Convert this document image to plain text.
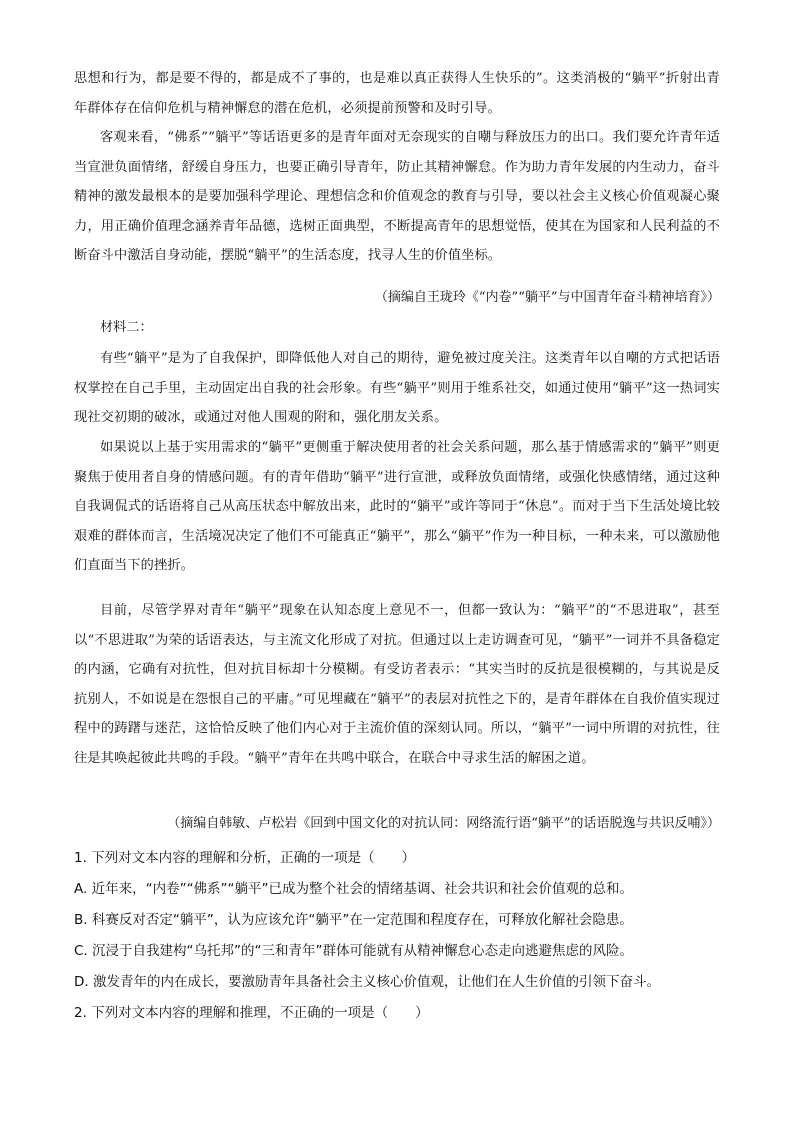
思想和行为，都是要不得的，都是成不了事的，也是难以真正获得人生快乐的”。这类消极的“躺平”折射出青年群体存在信仰危机与精神懈怠的潜在危机，必须提前预警和及时引导。

客观来看，“佛系”“躺平”等话语更多的是青年面对无奈现实的自嘲与释放压力的出口。我们要允许青年适当宣泄负面情绪，舒缓自身压力，也要正确引导青年，防止其精神懈怠。作为助力青年发展的内生动力，奋斗精神的激发最根本的是要加强科学理论、理想信念和价值观念的教育与引导，要以社会主义核心价值观凝心聚力，用正确价值理念涵养青年品德，选树正面典型，不断提高青年的思想觉悟，使其在为国家和人民利益的不断奋斗中激活自身动能，摆脱“躺平”的生活态度，找寻人生的价值坐标。

（摘编自王珑玲《“内卷”“躺平”与中国青年奋斗精神培育》）

材料二：

有些“躺平”是为了自我保护，即降低他人对自己的期待，避免被过度关注。这类青年以自嘲的方式把话语权掌控在自己手里，主动固定出自我的社会形象。有些“躺平”则用于维系社交，如通过使用“躺平”这一热词实现社交初期的破冰，或通过对他人围观的附和，强化朋友关系。

如果说以上基于实用需求的“躺平”更侧重于解决使用者的社会关系问题，那么基于情感需求的“躺平”则更聚焦于使用者自身的情感问题。有的青年借助“躺平”进行宣泄，或释放负面情绪，或强化快感情绪，通过这种自我调侃式的话语将自己从高压状态中解放出来，此时的“躺平”或许等同于“休息”。而对于当下生活处境比较艰难的群体而言，生活境况决定了他们不可能真正“躺平”，那么“躺平”作为一种目标，一种未来，可以激励他们直面当下的挫折。

目前，尽管学界对青年“躺平”现象在认知态度上意见不一，但都一致认为：“躺平”的“不思进取”，甚至以“不思进取”为荣的话语表达，与主流文化形成了对抗。但通过以上走访调查可见，“躺平”一词并不具备稳定的内涵，它确有对抗性，但对抗目标却十分模糊。有受访者表示：“其实当时的反抗是很模糊的，与其说是反抗别人，不如说是在怨恨自己的平庸。”可见埋藏在“躺平”的表层对抗性之下的，是青年群体在自我价值实现过程中的踌躇与迷茫，这恰恰反映了他们内心对于主流价值的深刻认同。所以，“躺平”一词中所谓的对抗性，往往是其唤起彼此共鸣的手段。“躺平”青年在共鸣中联合，在联合中寻求生活的解困之道。

（摘编自韩敏、卢松岩《回到中国文化的对抗认同：网络流行语“躺平”的话语脱逸与共识反哺》）

1. 下列对文本内容的理解和分析，正确的一项是（　　）

A. 近年来，“内卷”“佛系”“躺平”已成为整个社会的情绪基调、社会共识和社会价值观的总和。

B. 科赛反对否定“躺平”，认为应该允许“躺平”在一定范围和程度存在，可释放化解社会隐患。

C. 沉浸于自我建构“乌托邦”的“三和青年”群体可能就有从精神懈怠心态走向逃避焦虑的风险。

D. 激发青年的内在成长，要激励青年具备社会主义核心价值观，让他们在人生价值的引领下奋斗。

2. 下列对文本内容的理解和推理，不正确的一项是（　　）
